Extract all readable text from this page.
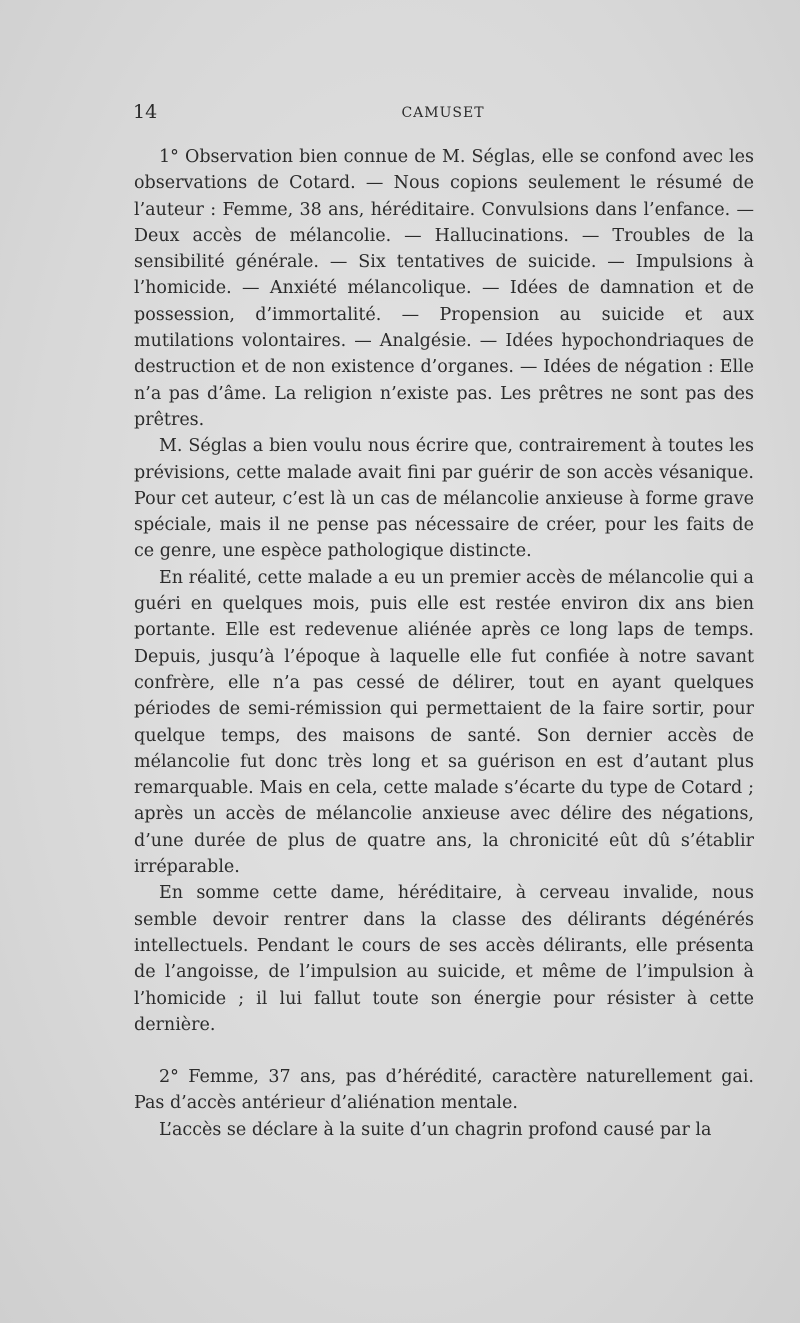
14	CAMUSET

1° Observation bien connue de M. Séglas, elle se confond avec les observations de Cotard. — Nous copions seulement le résumé de l’auteur : Femme, 38 ans, héréditaire. Convulsions dans l’enfance. — Deux accès de mélancolie. — Hallucinations. — Troubles de la sensibilité générale. — Six tentatives de suicide. — Impulsions à l’homicide. — Anxiété mélancolique. — Idées de damnation et de possession, d’immortalité. — Propension au suicide et aux mutilations volontaires. — Analgésie. — Idées hypochondriaques de destruction et de non existence d’organes. — Idées de négation : Elle n’a pas d’âme. La religion n’existe pas. Les prêtres ne sont pas des prêtres.

M. Séglas a bien voulu nous écrire que, contrairement à toutes les prévisions, cette malade avait fini par guérir de son accès vésanique. Pour cet auteur, c’est là un cas de mélancolie anxieuse à forme grave spéciale, mais il ne pense pas nécessaire de créer, pour les faits de ce genre, une espèce pathologique distincte.

En réalité, cette malade a eu un premier accès de mélancolie qui a guéri en quelques mois, puis elle est restée environ dix ans bien portante. Elle est redevenue aliénée après ce long laps de temps. Depuis, jusqu’à l’époque à laquelle elle fut confiée à notre savant confrère, elle n’a pas cessé de délirer, tout en ayant quelques périodes de semi-rémission qui permettaient de la faire sortir, pour quelque temps, des maisons de santé. Son dernier accès de mélancolie fut donc très long et sa guérison en est d’autant plus remarquable. Mais en cela, cette malade s’écarte du type de Cotard ; après un accès de mélancolie anxieuse avec délire des négations, d’une durée de plus de quatre ans, la chronicité eût dû s’établir irréparable.

En somme cette dame, héréditaire, à cerveau invalide, nous semble devoir rentrer dans la classe des délirants dégénérés intellectuels. Pendant le cours de ses accès délirants, elle présenta de l’angoisse, de l’impulsion au suicide, et même de l’impulsion à l’homicide ; il lui fallut toute son énergie pour résister à cette dernière.

2° Femme, 37 ans, pas d’hérédité, caractère naturellement gai. Pas d’accès antérieur d’aliénation mentale.

L’accès se déclare à la suite d’un chagrin profond causé par la
